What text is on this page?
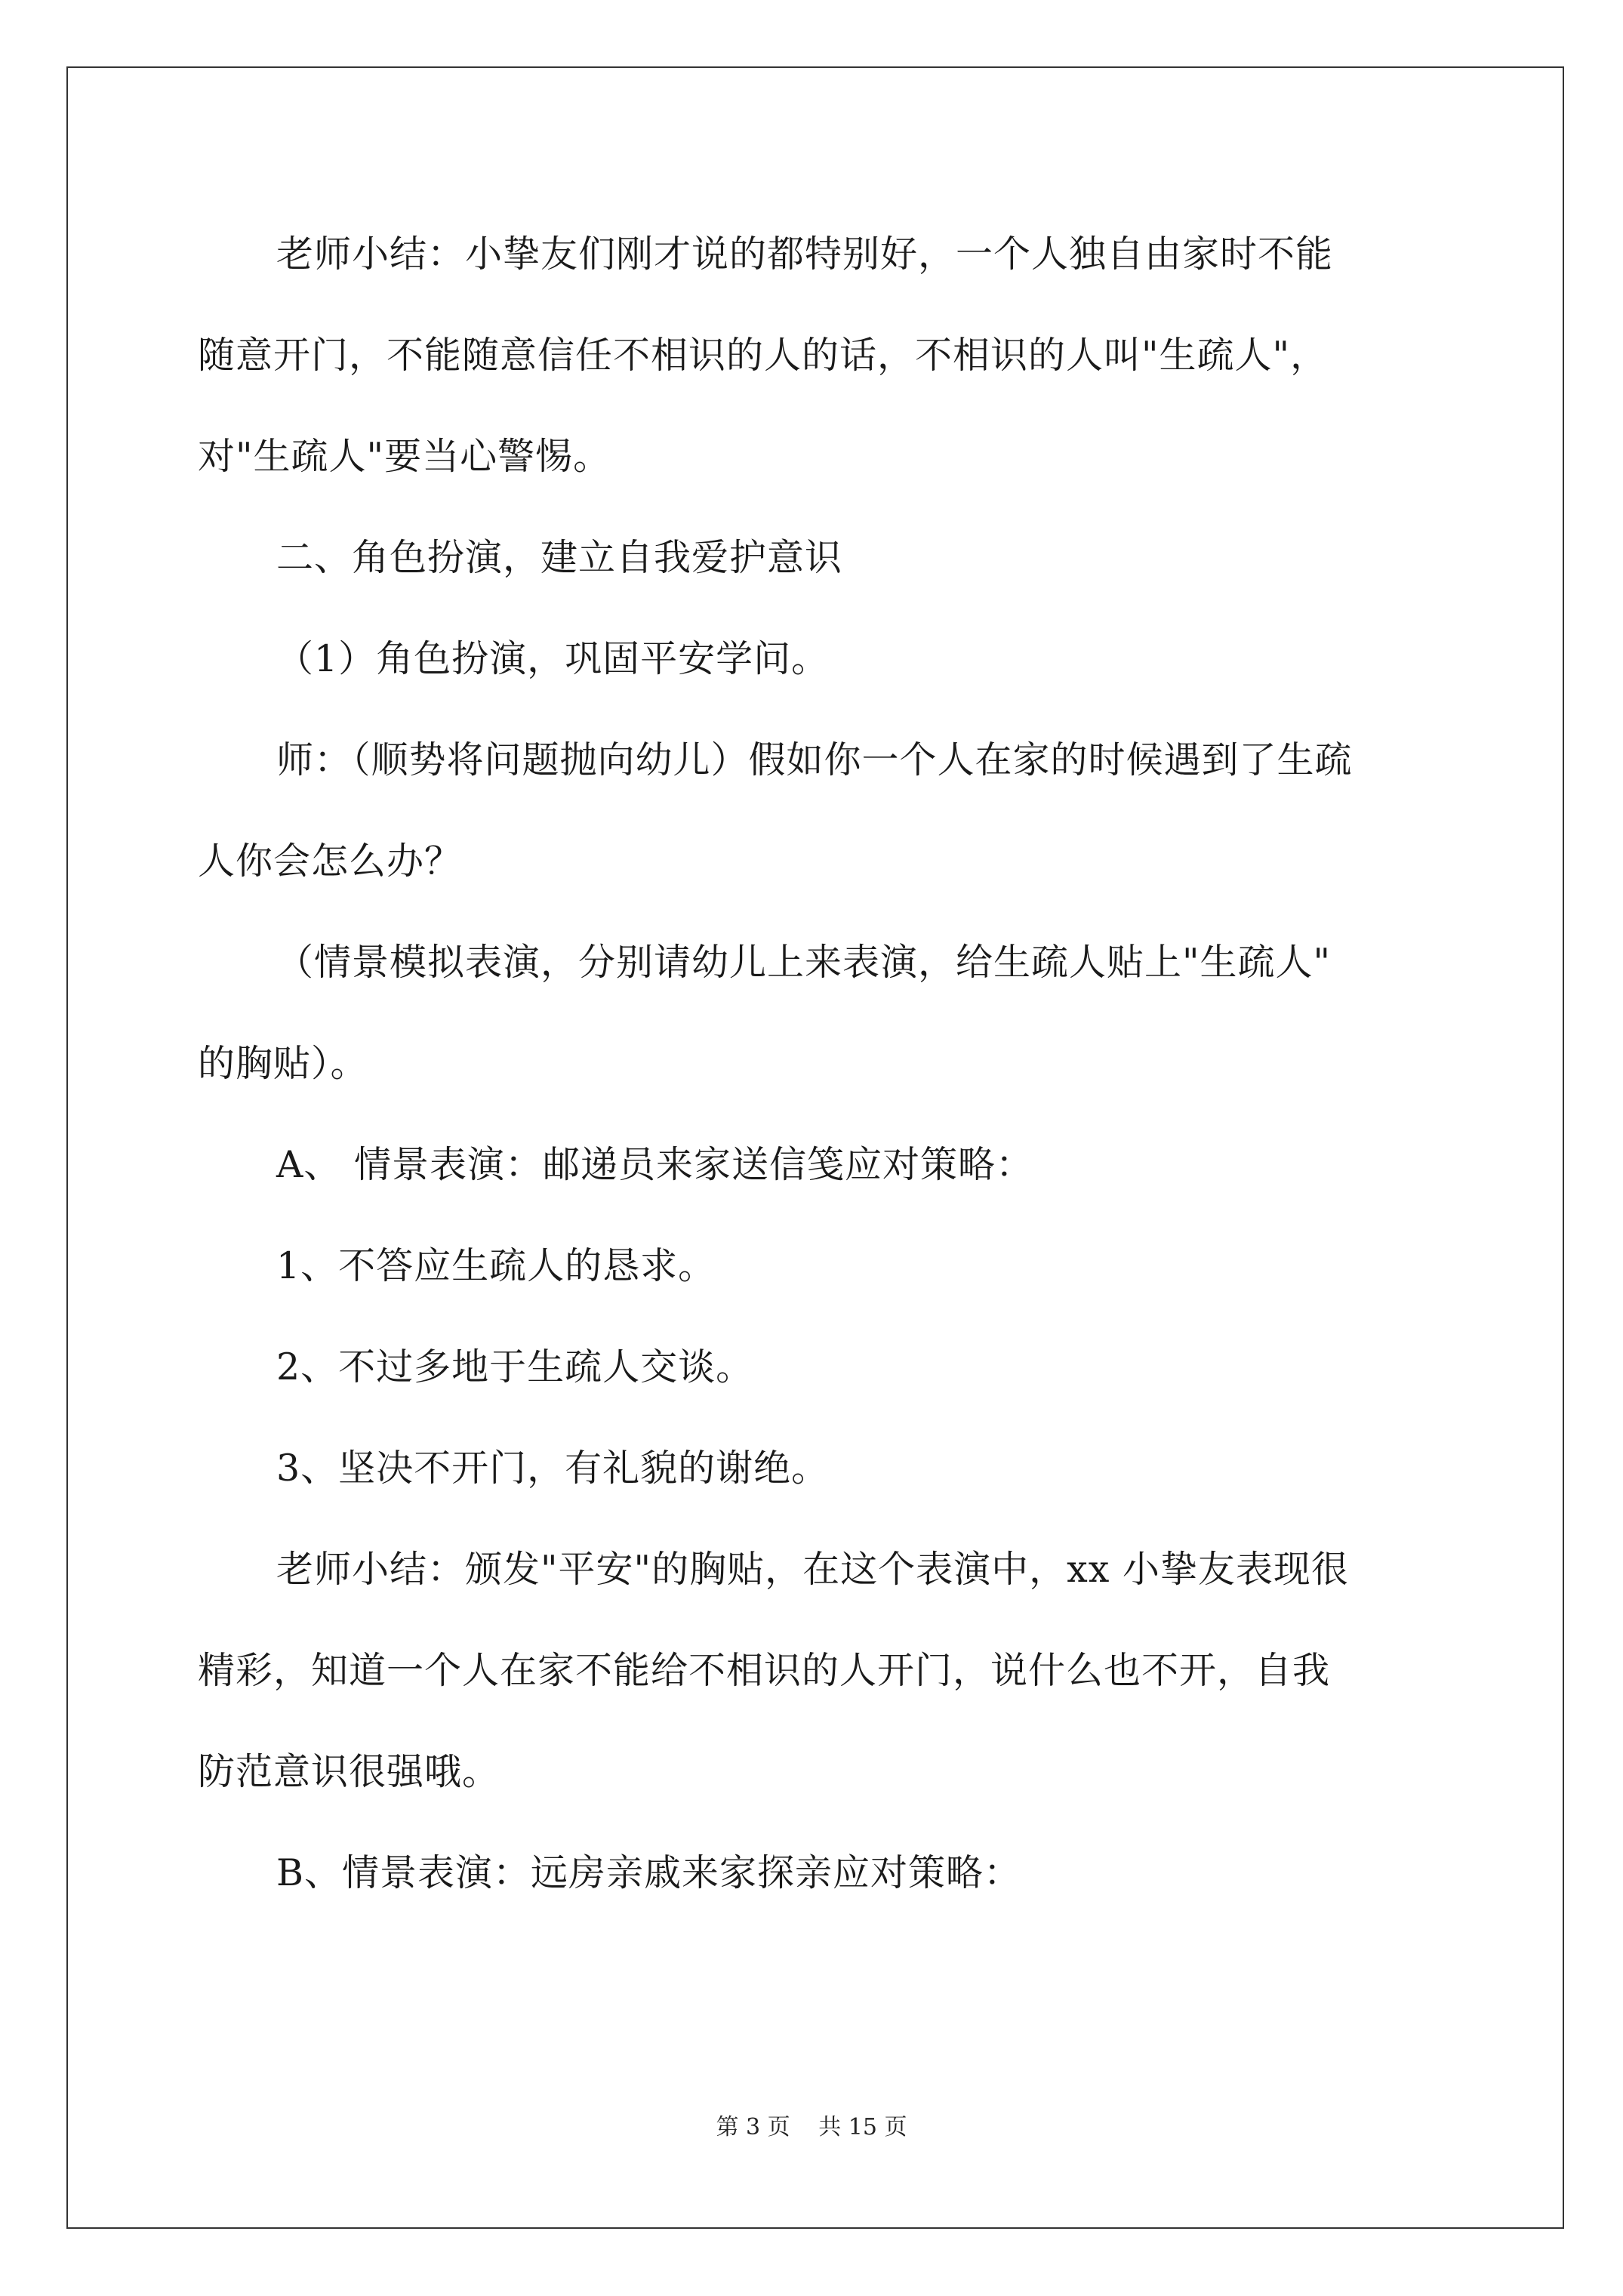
老师小结：小挚友们刚才说的都特别好，一个人独自由家时不能
随意开门，不能随意信任不相识的人的话，不相识的人叫"生疏人"，
对"生疏人"要当心警惕。

二、角色扮演，建立自我爱护意识

（1）角色扮演，巩固平安学问。

师：（顺势将问题抛向幼儿）假如你一个人在家的时候遇到了生疏
人你会怎么办？

（情景模拟表演，分别请幼儿上来表演，给生疏人贴上"生疏人"
的胸贴）。

A、 情景表演：邮递员来家送信笺应对策略：

1、不答应生疏人的恳求。

2、不过多地于生疏人交谈。

3、坚决不开门，有礼貌的谢绝。

老师小结：颁发"平安"的胸贴，在这个表演中，xx 小挚友表现很
精彩，知道一个人在家不能给不相识的人开门，说什么也不开，自我
防范意识很强哦。

B、情景表演：远房亲戚来家探亲应对策略：

第 3 页 共 15 页
